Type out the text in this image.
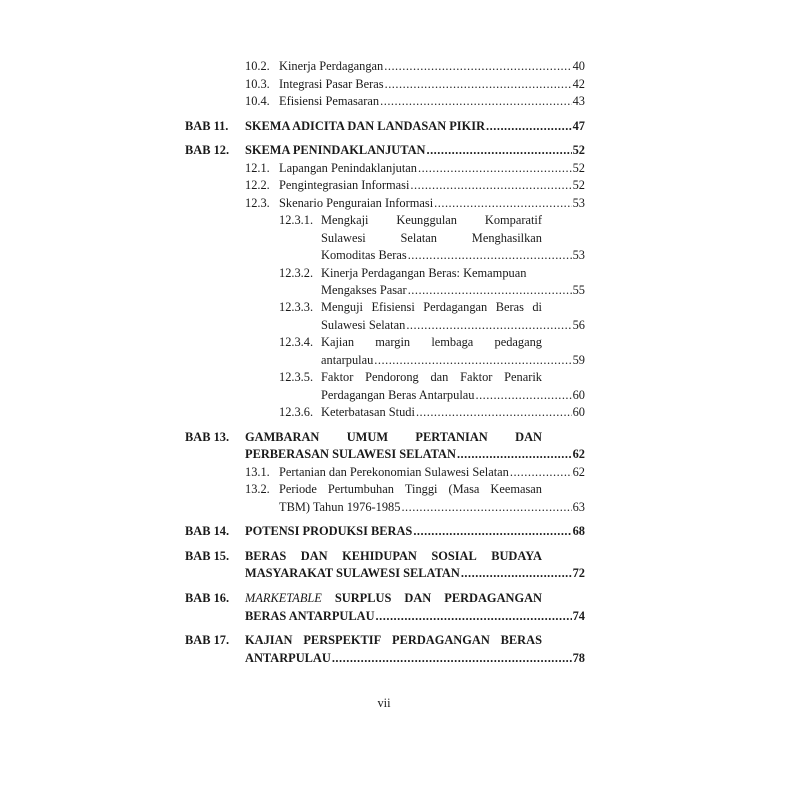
10.2. Kinerja Perdagangan .....	40
10.3. Integrasi Pasar Beras .....	42
10.4. Efisiensi Pemasaran .....	43
BAB 11. SKEMA ADICITA DAN LANDASAN PIKIR .....	47
BAB 12. SKEMA PENINDAKLANJUTAN .....	52
12.1. Lapangan Penindaklanjutan .....	52
12.2. Pengintegrasian Informasi .....	52
12.3. Skenario Penguraian Informasi .....	53
12.3.1. Mengkaji Keunggulan Komparatif
Sulawesi	Selatan	Menghasilkan
Komoditas Beras .....	53
12.3.2. Kinerja Perdagangan Beras: Kemampuan
Mengakses Pasar .....	55
12.3.3. Menguji Efisiensi Perdagangan Beras di
Sulawesi Selatan .....	56
12.3.4. Kajian margin lembaga pedagang
antarpulau .....	59
12.3.5. Faktor Pendorong dan Faktor Penarik
Perdagangan Beras Antarpulau .....	60
12.3.6. Keterbatasan Studi .....	60
BAB 13. GAMBARAN UMUM PERTANIAN DAN
PERBERASAN SULAWESI SELATAN .....	62
13.1. Pertanian dan Perekonomian Sulawesi Selatan .....	62
13.2. Periode Pertumbuhan Tinggi (Masa Keemasan
TBM) Tahun 1976-1985 .....	63
BAB 14. POTENSI PRODUKSI BERAS .....	68
BAB 15. BERAS DAN KEHIDUPAN SOSIAL BUDAYA
MASYARAKAT SULAWESI SELATAN .....	72
BAB 16. MARKETABLE SURPLUS DAN PERDAGANGAN
BERAS ANTARPULAU .....	74
BAB 17. KAJIAN PERSPEKTIF PERDAGANGAN BERAS
ANTARPULAU .....	78
vii
